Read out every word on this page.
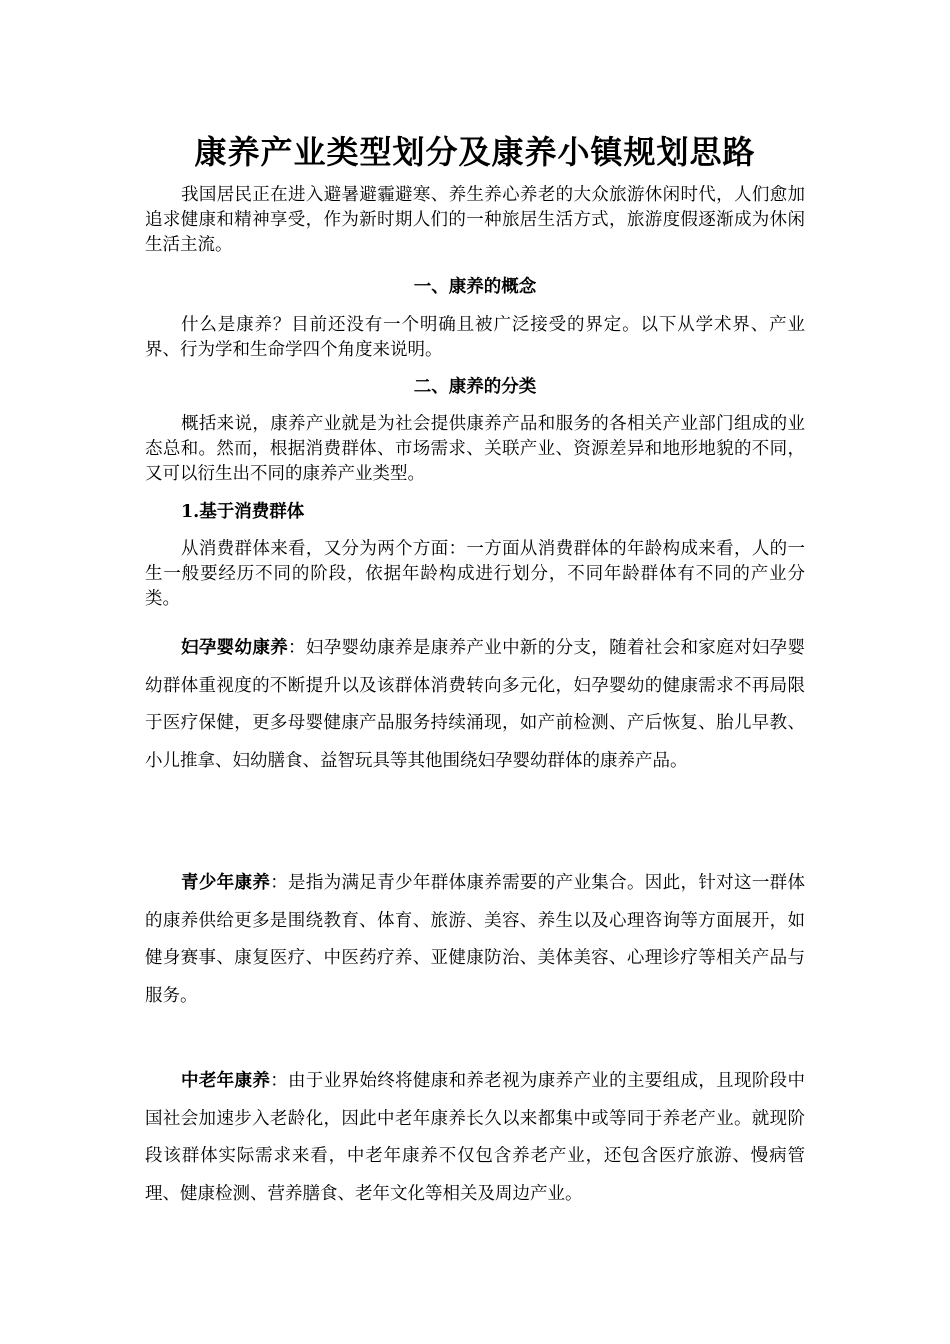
康养产业类型划分及康养小镇规划思路

我国居民正在进入避暑避霾避寒、养生养心养老的大众旅游休闲时代，人们愈加追求健康和精神享受，作为新时期人们的一种旅居生活方式，旅游度假逐渐成为休闲生活主流。

一、康养的概念

什么是康养？目前还没有一个明确且被广泛接受的界定。以下从学术界、产业界、行为学和生命学四个角度来说明。

二、康养的分类

概括来说，康养产业就是为社会提供康养产品和服务的各相关产业部门组成的业态总和。然而，根据消费群体、市场需求、关联产业、资源差异和地形地貌的不同，又可以衍生出不同的康养产业类型。

1.基于消费群体

从消费群体来看，又分为两个方面：一方面从消费群体的年龄构成来看，人的一生一般要经历不同的阶段，依据年龄构成进行划分，不同年龄群体有不同的产业分类。

妇孕婴幼康养：妇孕婴幼康养是康养产业中新的分支，随着社会和家庭对妇孕婴幼群体重视度的不断提升以及该群体消费转向多元化，妇孕婴幼的健康需求不再局限于医疗保健，更多母婴健康产品服务持续涌现，如产前检测、产后恢复、胎儿早教、小儿推拿、妇幼膳食、益智玩具等其他围绕妇孕婴幼群体的康养产品。

青少年康养：是指为满足青少年群体康养需要的产业集合。因此，针对这一群体的康养供给更多是围绕教育、体育、旅游、美容、养生以及心理咨询等方面展开，如健身赛事、康复医疗、中医药疗养、亚健康防治、美体美容、心理诊疗等相关产品与服务。

中老年康养：由于业界始终将健康和养老视为康养产业的主要组成，且现阶段中国社会加速步入老龄化，因此中老年康养长久以来都集中或等同于养老产业。就现阶段该群体实际需求来看，中老年康养不仅包含养老产业，还包含医疗旅游、慢病管理、健康检测、营养膳食、老年文化等相关及周边产业。
